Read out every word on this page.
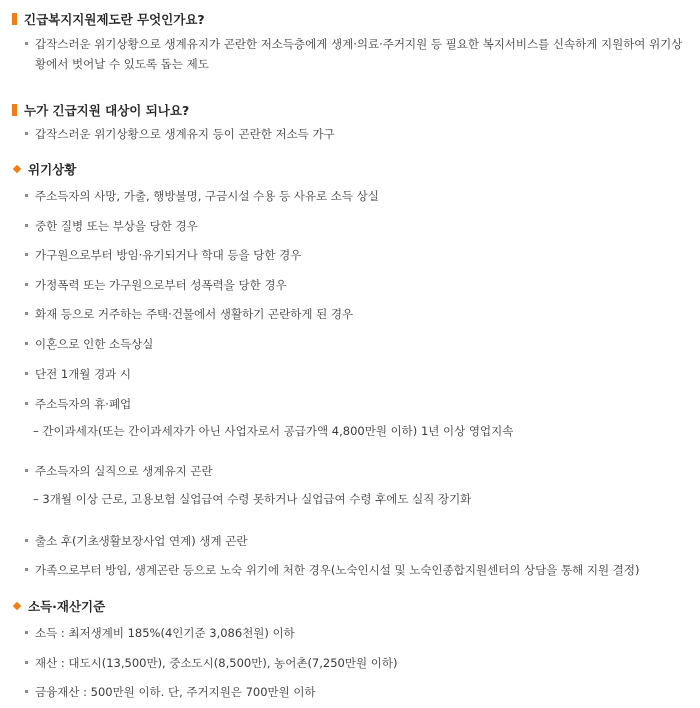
긴급복지지원제도란 무엇인가요?
갑작스러운 위기상황으로 생계유지가 곤란한 저소득층에게 생계·의료·주거지원 등 필요한 복지서비스를 신속하게 지원하여 위기상황에서 벗어날 수 있도록 돕는 제도
누가 긴급지원 대상이 되나요?
갑작스러운 위기상황으로 생계유지 등이 곤란한 저소득 가구
위기상황
주소득자의 사망, 가출, 행방불명, 구금시설 수용 등 사유로 소득 상실
중한 질병 또는 부상을 당한 경우
가구원으로부터 방임·유기되거나 학대 등을 당한 경우
가정폭력 또는 가구원으로부터 성폭력을 당한 경우
화재 등으로 거주하는 주택·건물에서 생활하기 곤란하게 된 경우
이혼으로 인한 소득상실
단전 1개월 경과 시
주소득자의 휴·폐업
– 간이과세자(또는 간이과세자가 아닌 사업자로서 공급가액 4,800만원 이하) 1년 이상 영업지속
주소득자의 실직으로 생계유지 곤란
– 3개월 이상 근로, 고용보험 실업급여 수령 못하거나 실업급여 수령 후에도 실직 장기화
출소 후(기초생활보장사업 연계) 생계 곤란
가족으로부터 방임, 생계곤란 등으로 노숙 위기에 처한 경우(노숙인시설 및 노숙인종합지원센터의 상담을 통해 지원 결정)
소득·재산기준
소득 : 최저생계비 185%(4인기준 3,086천원) 이하
재산 : 대도시(13,500만), 중소도시(8,500만), 농어촌(7,250만원 이하)
금융재산 : 500만원 이하. 단, 주거지원은 700만원 이하
